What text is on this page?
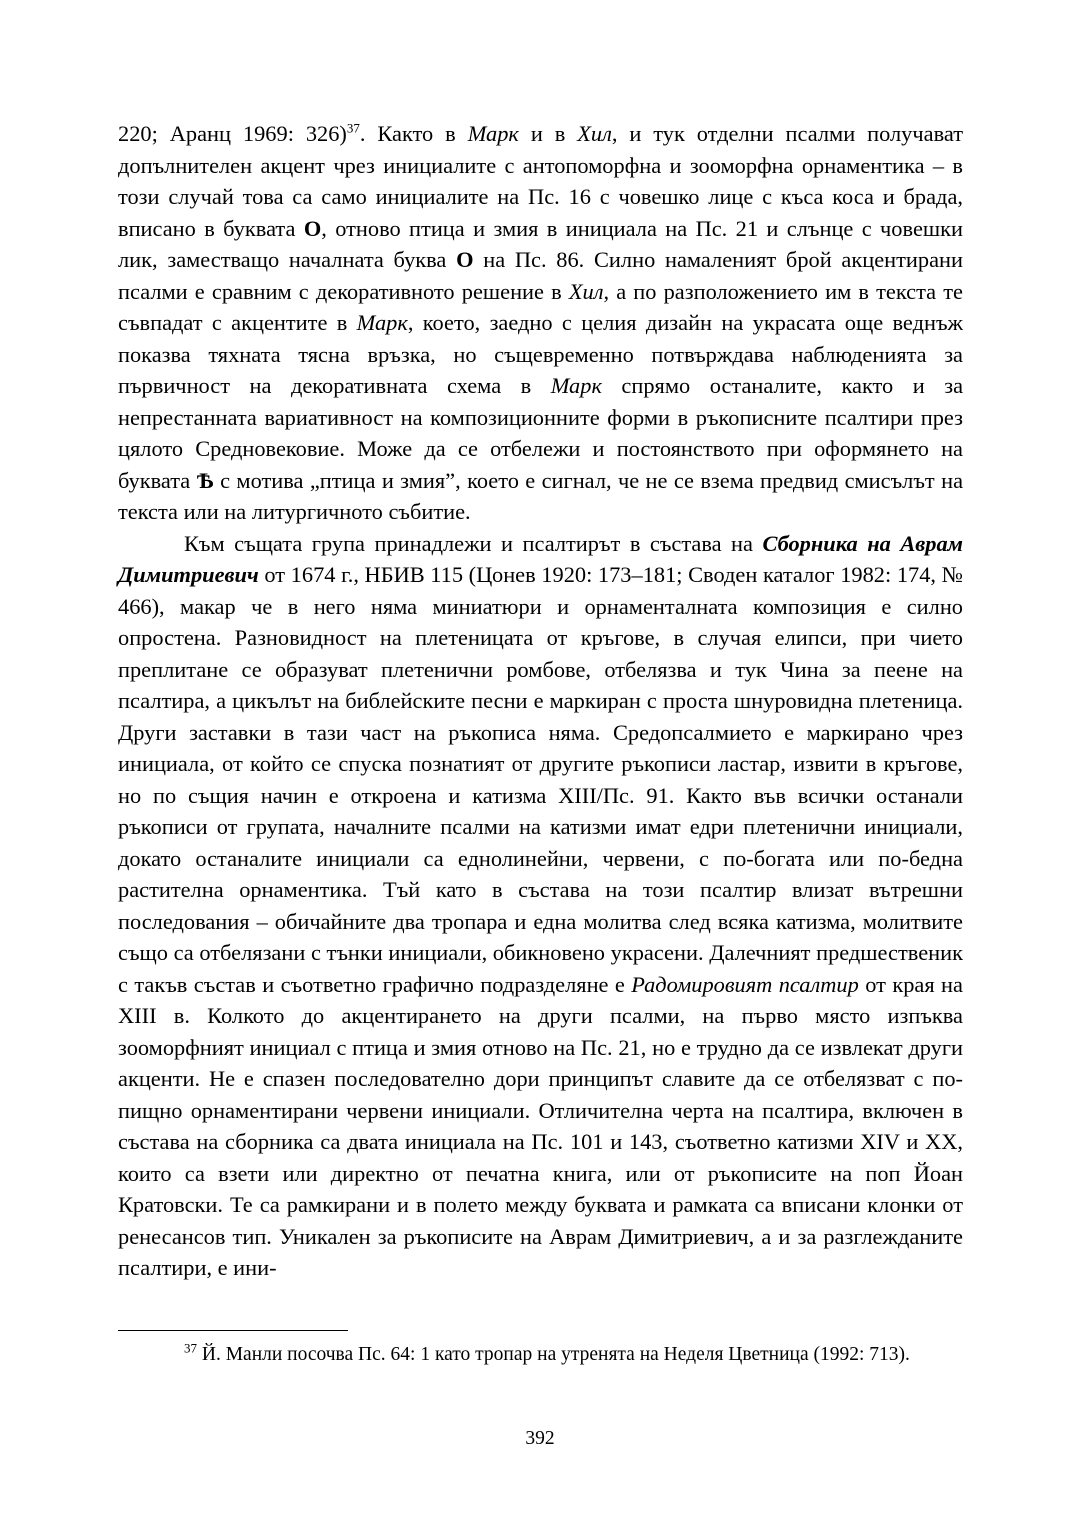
220; Аранц 1969: 326)$^{37}$. Както в Марк и в Хил, и тук отделни псалми получават допълнителен акцент чрез инициалите с антопоморфна и зооморфна орнаментика – в този случай това са само инициалите на Пс. 16 с човешко лице с къса коса и брада, вписано в буквата О, отново птица и змия в инициала на Пс. 21 и слънце с човешки лик, заместващо началната буква О на Пс. 86. Силно намаленият брой акцентирани псалми е сравним с декоративното решение в Хил, а по разположението им в текста те съвпадат с акцентите в Марк, което, заедно с целия дизайн на украсата още веднъж показва тяхната тясна връзка, но същевременно потвърждава наблюденията за първичност на декоративната схема в Марк спрямо останалите, както и за непрестанната вариативност на композиционните форми в ръкописните псалтири през цялото Средновековие. Може да се отбележи и постоянството при оформянето на буквата Ѣ с мотива „птица и змия”, което е сигнал, че не се взема предвид смисълът на текста или на литургичното събитие.

Към същата група принадлежи и псалтирът в състава на Сборника на Аврам Димитриевич от 1674 г., НБИВ 115 (Цонев 1920: 173–181; Сводeн каталог 1982: 174, № 466), макар че в него няма миниатюри и орнаменталната композиция е силно опростена. Разновидност на плетеницата от кръгове, в случая елипси, при чието преплитане се образуват плетенични ромбове, отбелязва и тук Чина за пеене на псалтира, а цикълът на библейските песни е маркиран с проста шнуровидна плетеница. Други заставки в тази част на ръкописа няма. Средопсалмието е маркирано чрез инициала, от който се спуска познатият от другите ръкописи ластар, извити в кръгове, но по същия начин е откроена и катизма XIII/Пс. 91. Както във всички останали ръкописи от групата, началните псалми на катизми имат едри плетенични инициали, докато останалите инициали са еднолинейни, червени, с по-богата или по-бедна растителна орнаментика. Тъй като в състава на този псалтир влизат вътрешни последования – обичайните два тропара и една молитва след всяка катизма, молитвите също са отбелязани с тънки инициали, обикновено украсени. Далечният предшественик с такъв състав и съответно графично подразделяне е Радомировият псалтир от края на XIII в. Колкото до акцентирането на други псалми, на първо място изпъква зооморфният инициал с птица и змия отново на Пс. 21, но е трудно да се извлекат други акценти. Не е спазен последователно дори принципът славите да се отбелязват с по-пищно орнаментирани червени инициали. Отличителна черта на псалтира, включен в състава на сборника са двата инициала на Пс. 101 и 143, съответно катизми XIV и XX, които са взети или директно от печатна книга, или от ръкописите на поп Йоан Кратовски. Те са рамкирани и в полето между буквата и рамката са вписани клонки от ренесансов тип. Уникален за ръкописите на Аврам Димитриевич, а и за разглежданите псалтири, е ини-

$^{37}$ Й. Манли посочва Пс. 64: 1 като тропар на утренята на Неделя Цветница (1992: 713).
392
